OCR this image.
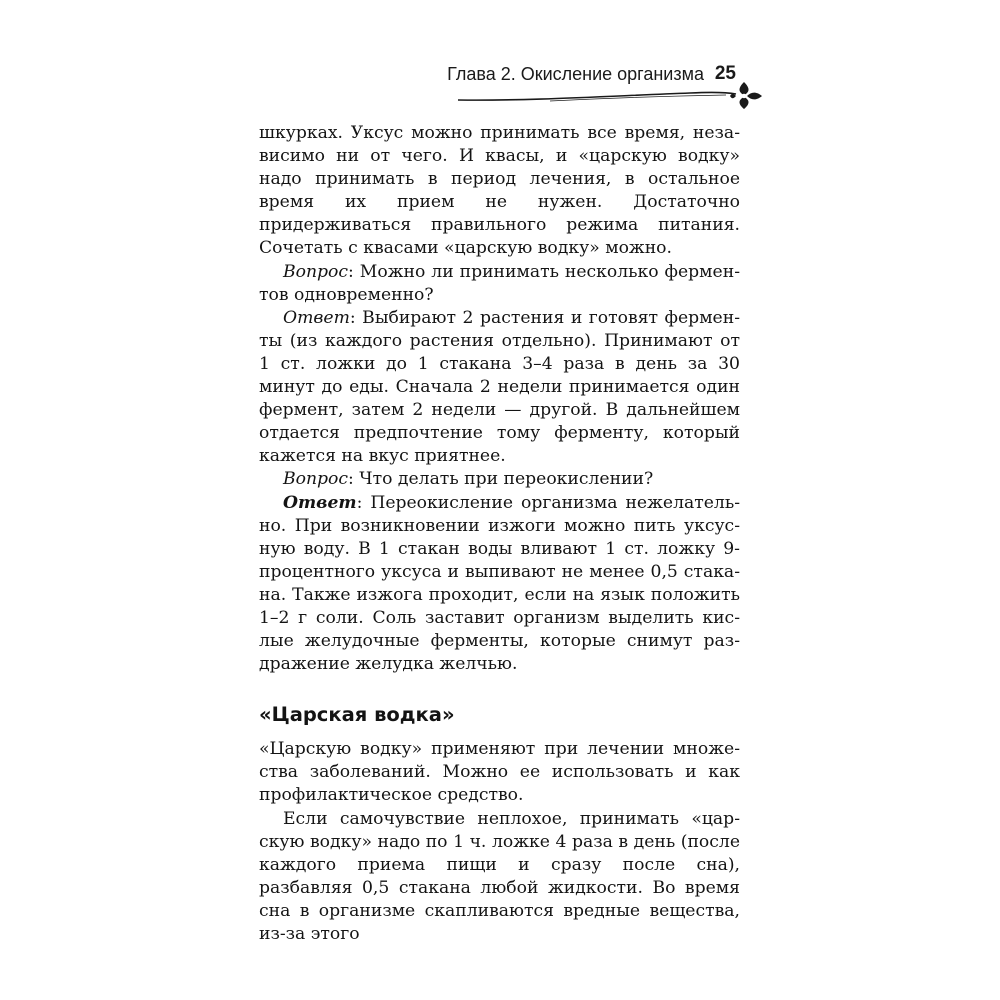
Глава 2. Окисление организма 25

шкурках. Уксус можно принимать все время, независимо ни от чего. И квасы, и «царскую водку» надо принимать в период лечения, в остальное время их прием не нужен. Достаточно придерживаться правильного режима питания. Сочетать с квасами «царскую водку» можно.

Вопрос: Можно ли принимать несколько ферментов одновременно?

Ответ: Выбирают 2 растения и готовят ферменты (из каждого растения отдельно). Принимают от 1 ст. ложки до 1 стакана 3–4 раза в день за 30 минут до еды. Сначала 2 недели принимается один фермент, затем 2 недели — другой. В дальнейшем отдается предпочтение тому ферменту, который кажется на вкус приятнее.

Вопрос: Что делать при переокислении?

Ответ: Переокисление организма нежелательно. При возникновении изжоги можно пить уксусную воду. В 1 стакан воды вливают 1 ст. ложку 9-процентного уксуса и выпивают не менее 0,5 стакана. Также изжога проходит, если на язык положить 1–2 г соли. Соль заставит организм выделить кислые желудочные ферменты, которые снимут раздражение желудка желчью.

«Царская водка»

«Царскую водку» применяют при лечении множества заболеваний. Можно ее использовать и как профилактическое средство.

Если самочувствие неплохое, принимать «царскую водку» надо по 1 ч. ложке 4 раза в день (после каждого приема пищи и сразу после сна), разбавляя 0,5 стакана любой жидкости. Во время сна в организме скапливаются вредные вещества, из-за этого
